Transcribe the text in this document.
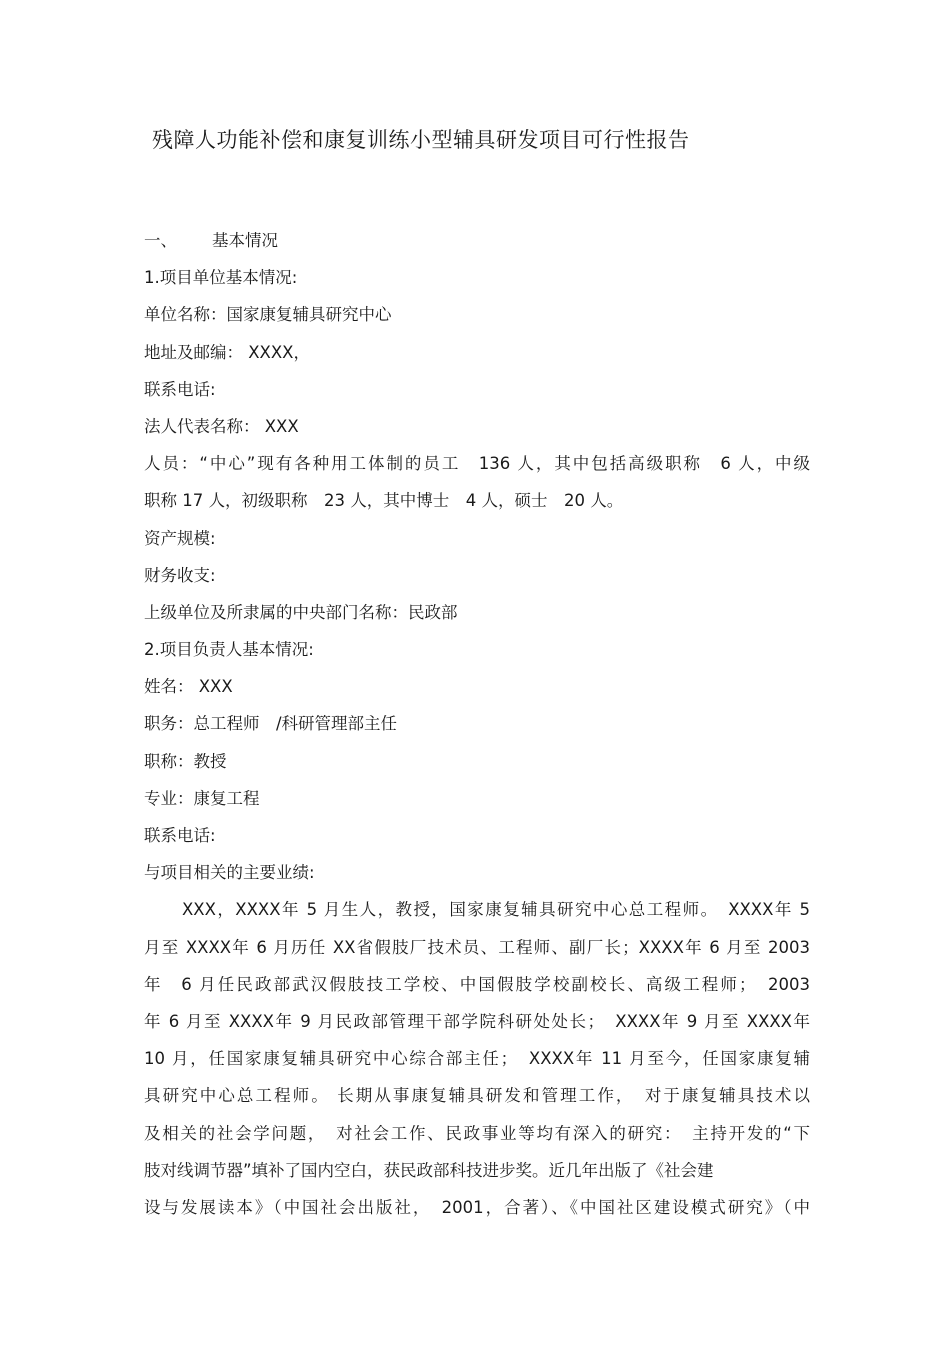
残障人功能补偿和康复训练小型辅具研发项目可行性报告
一、 基本情况
1.项目单位基本情况:
单位名称：国家康复辅具研究中心
地址及邮编： XXXX，
联系电话:
法人代表名称： XXX
人员：“中心”现有各种用工体制的员工　136 人，其中包括高级职称　6 人，中级
职称 17 人，初级职称　23 人，其中博士　4 人，硕士　20 人。
资产规模:
财务收支:
上级单位及所隶属的中央部门名称：民政部
2.项目负责人基本情况:
姓名： XXX
职务：总工程师　/科研管理部主任
职称：教授
专业：康复工程
联系电话:
与项目相关的主要业绩:
XXX，XXXX年 5 月生人，教授，国家康复辅具研究中心总工程师。　XXXX年 5
月至 XXXX年 6 月历任 XX省假肢厂技术员、工程师、副厂长；XXXX年 6 月至 2003
年　6 月任民政部武汉假肢技工学校、中国假肢学校副校长、高级工程师；　2003
年 6 月至 XXXX年 9 月民政部管理干部学院科研处处长；　XXXX年 9 月至 XXXX年
10 月，任国家康复辅具研究中心综合部主任；　XXXX年 11 月至今，任国家康复辅
具研究中心总工程师。 长期从事康复辅具研发和管理工作，　对于康复辅具技术以
及相关的社会学问题，　对社会工作、民政事业等均有深入的研究：　主持开发的“下
肢对线调节器”填补了国内空白，获民政部科技进步奖。近几年出版了《社会建
设与发展读本》（中国社会出版社，　2001，合著）、《中国社区建设模式研究》（中
